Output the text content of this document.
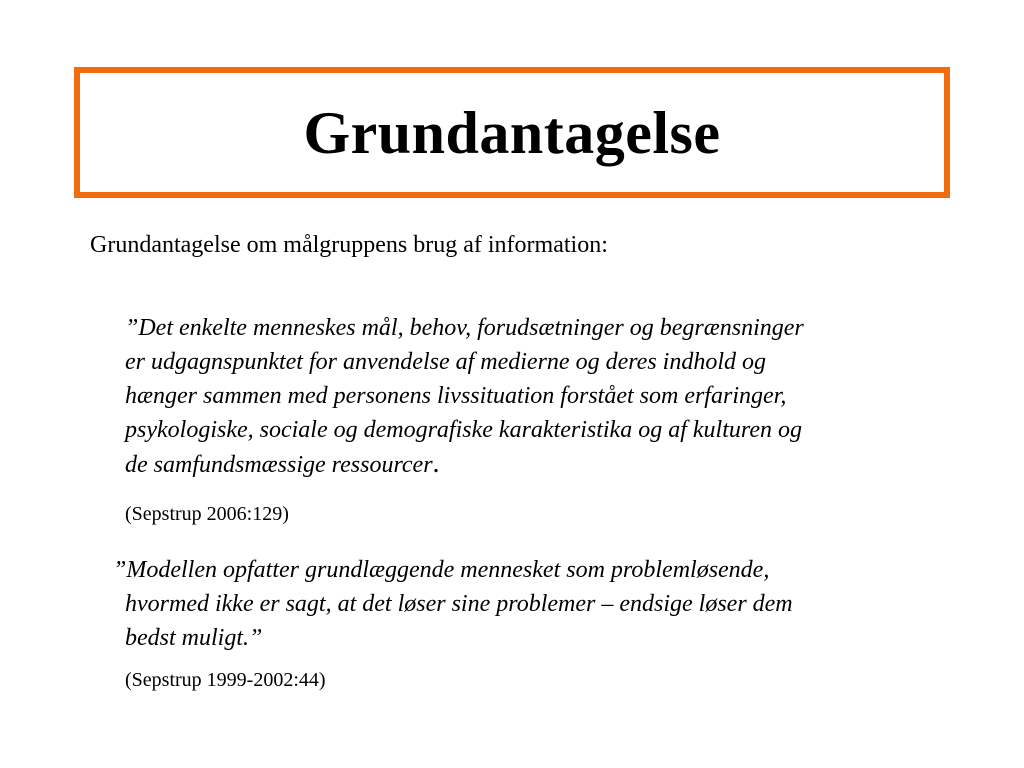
Grundantagelse
Grundantagelse om målgruppens brug af information:
”Det enkelte menneskes mål, behov, forudsætninger og begrænsninger
er udgagnspunktet for anvendelse af medierne og deres indhold og
hænger sammen med personens livssituation forstået som erfaringer,
psykologiske, sociale og demografiske karakteristika og af kulturen og
de samfundsmæssige ressourcer.
(Sepstrup 2006:129)
”Modellen opfatter grundlæggende mennesket som problemløsende,
hvormed ikke er sagt, at det løser sine problemer – endsige løser dem
bedst muligt.”
(Sepstrup 1999-2002:44)
